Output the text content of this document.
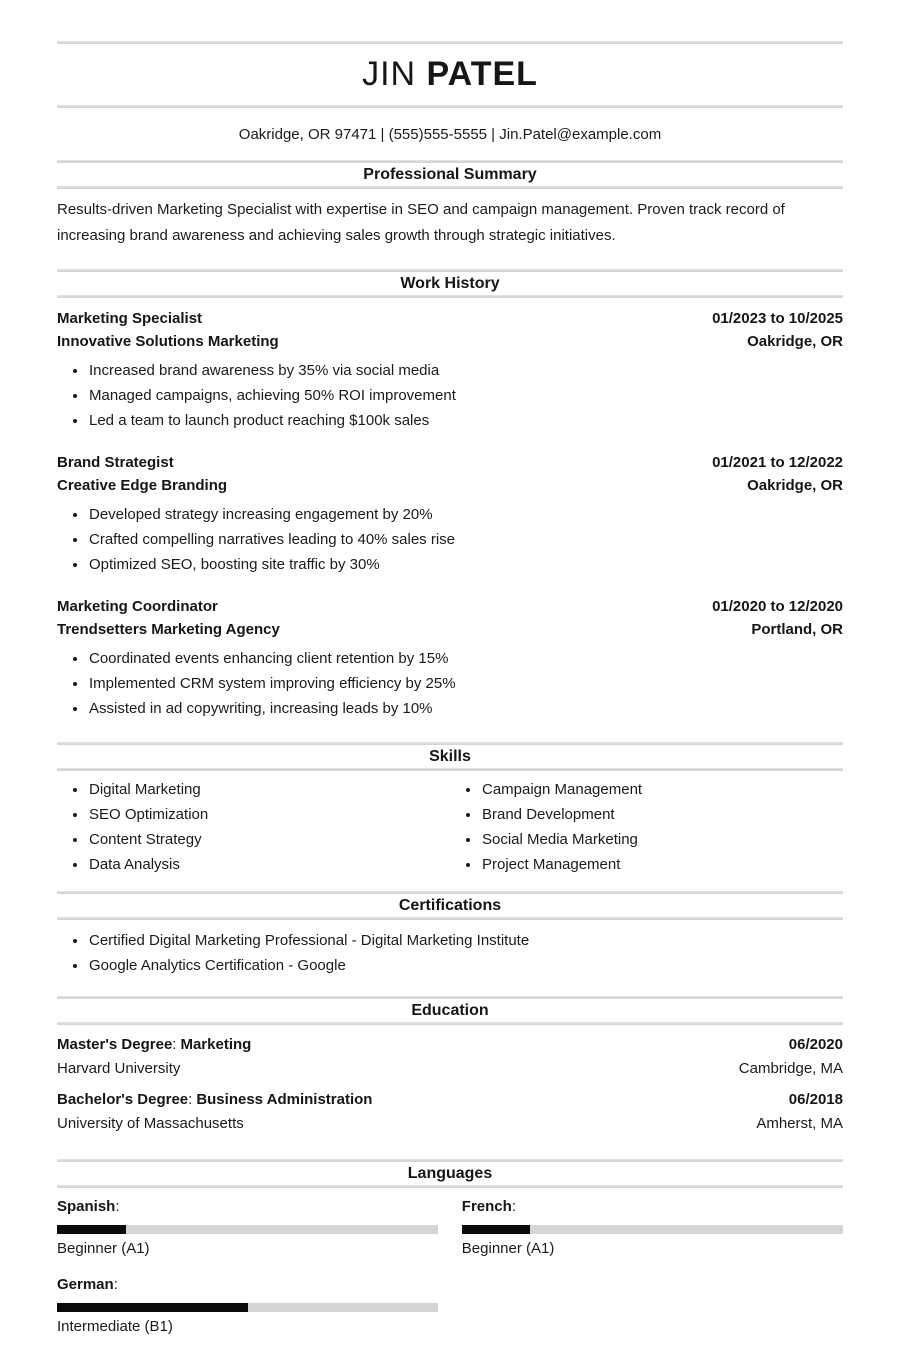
JIN PATEL
Oakridge, OR 97471 | (555)555-5555 | Jin.Patel@example.com
Professional Summary

Results-driven Marketing Specialist with expertise in SEO and campaign management. Proven track record of increasing brand awareness and achieving sales growth through strategic initiatives.

Work History
Marketing Specialist	01/2023 to 10/2025
Innovative Solutions Marketing	Oakridge, OR
• Increased brand awareness by 35% via social media
• Managed campaigns, achieving 50% ROI improvement
• Led a team to launch product reaching $100k sales
Brand Strategist	01/2021 to 12/2022
Creative Edge Branding	Oakridge, OR
• Developed strategy increasing engagement by 20%
• Crafted compelling narratives leading to 40% sales rise
• Optimized SEO, boosting site traffic by 30%
Marketing Coordinator	01/2020 to 12/2020
Trendsetters Marketing Agency	Portland, OR
• Coordinated events enhancing client retention by 15%
• Implemented CRM system improving efficiency by 25%
• Assisted in ad copywriting, increasing leads by 10%
Skills
• Digital Marketing
• SEO Optimization
• Content Strategy
• Data Analysis
• Campaign Management
• Brand Development
• Social Media Marketing
• Project Management
Certifications
• Certified Digital Marketing Professional - Digital Marketing Institute
• Google Analytics Certification - Google
Education
Master's Degree: Marketing	06/2020
Harvard University	Cambridge, MA
Bachelor's Degree: Business Administration	06/2018
University of Massachusetts	Amherst, MA
Languages
Spanish:
Beginner (A1)
German:
Intermediate (B1)
French:
Beginner (A1)
